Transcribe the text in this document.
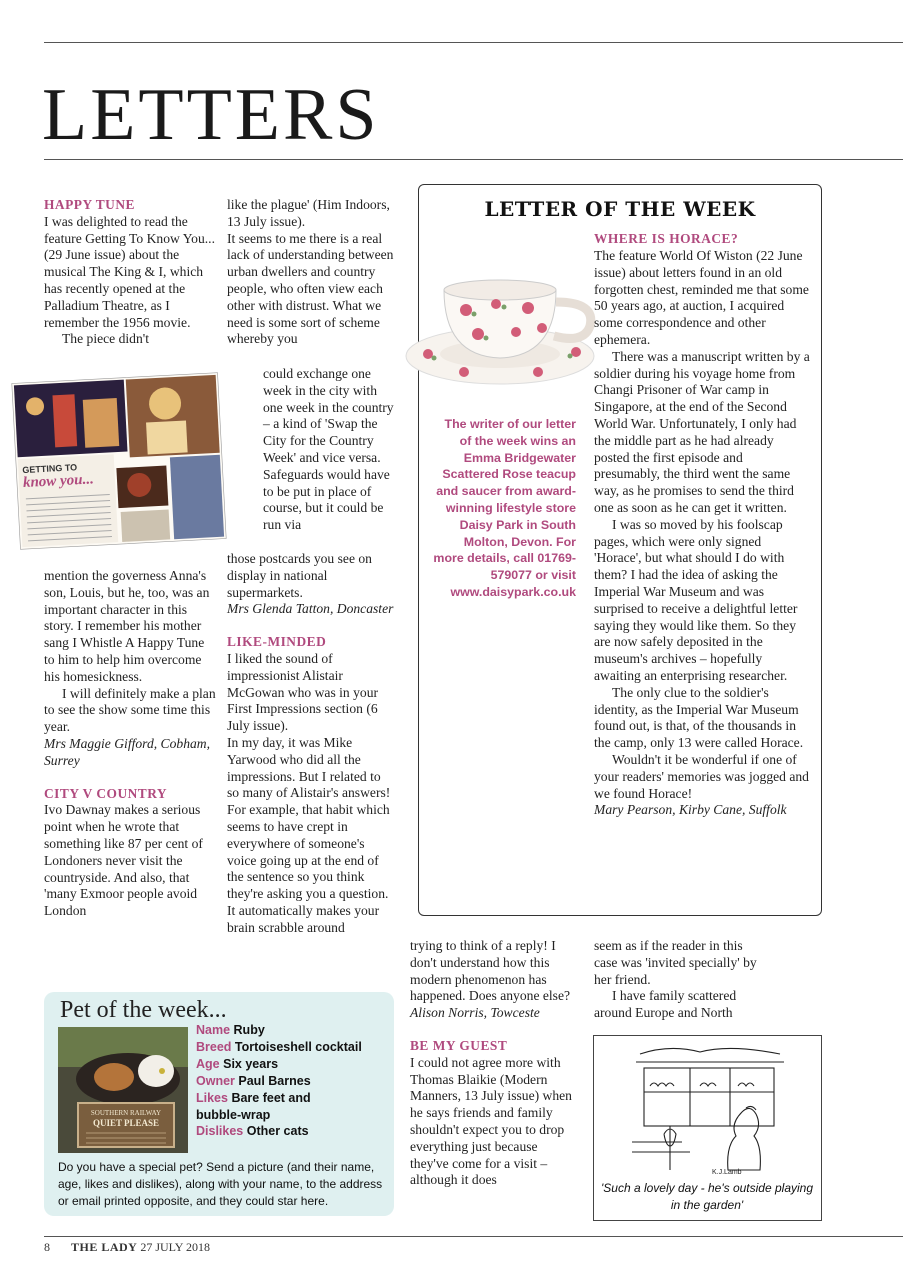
LETTERS

HAPPY TUNE

I was delighted to read the feature Getting To Know You... (29 June issue) about the musical The King & I, which has recently opened at the Palladium Theatre, as I remember the 1956 movie.

The piece didn't

GETTING TO
know you...

mention the governess Anna's son, Louis, but he, too, was an important character in this story. I remember his mother sang I Whistle A Happy Tune to him to help him overcome his homesickness.

I will definitely make a plan to see the show some time this year.

Mrs Maggie Gifford, Cobham, Surrey

CITY V COUNTRY

Ivo Dawnay makes a serious point when he wrote that something like 87 per cent of Londoners never visit the countryside. And also, that 'many Exmoor people avoid London

like the plague' (Him Indoors, 13 July issue).

It seems to me there is a real lack of understanding between urban dwellers and country people, who often view each other with distrust. What we need is some sort of scheme whereby you

could exchange one week in the city with one week in the country – a kind of 'Swap the City for the Country Week' and vice versa. Safeguards would have to be put in place of course, but it could be run via

those postcards you see on display in national supermarkets.

Mrs Glenda Tatton, Doncaster

LIKE-MINDED

I liked the sound of impressionist Alistair McGowan who was in your First Impressions section (6 July issue).

In my day, it was Mike Yarwood who did all the impressions. But I related to so many of Alistair's answers! For example, that habit which seems to have crept in everywhere of someone's voice going up at the end of the sentence so you think they're asking you a question. It automatically makes your brain scrabble around

LETTER OF THE WEEK
The writer of our letter of the week wins an Emma Bridgewater Scattered Rose teacup and saucer from award-winning lifestyle store Daisy Park in South Molton, Devon. For more details, call 01769-579077 or visit www.daisypark.co.uk

WHERE IS HORACE?

The feature World Of Wiston (22 June issue) about letters found in an old forgotten chest, reminded me that some 50 years ago, at auction, I acquired some correspondence and other ephemera.

There was a manuscript written by a soldier during his voyage home from Changi Prisoner of War camp in Singapore, at the end of the Second World War. Unfortunately, I only had the middle part as he had already posted the first episode and presumably, the third went the same way, as he promises to send the third one as soon as he can get it written.

I was so moved by his foolscap pages, which were only signed 'Horace', but what should I do with them? I had the idea of asking the Imperial War Museum and was surprised to receive a delightful letter saying they would like them. So they are now safely deposited in the museum's archives – hopefully awaiting an enterprising researcher.

The only clue to the soldier's identity, as the Imperial War Museum found out, is that, of the thousands in the camp, only 13 were called Horace.

Wouldn't it be wonderful if one of your readers' memories was jogged and we found Horace!

Mary Pearson, Kirby Cane, Suffolk

trying to think of a reply! I don't understand how this modern phenomenon has happened. Does anyone else?

Alison Norris, Towceste

BE MY GUEST

I could not agree more with Thomas Blaikie (Modern Manners, 13 July issue) when he says friends and family shouldn't expect you to drop everything just because they've come for a visit – although it does

seem as if the reader in this case was 'invited specially' by her friend.

I have family scattered around Europe and North

Pet of the week...
SOUTHERN RAILWAY
QUIET PLEASE
Name Ruby
Breed Tortoiseshell cocktail
Age Six years
Owner Paul Barnes
Likes Bare feet and bubble-wrap
Dislikes Other cats
Do you have a special pet? Send a picture (and their name, age, likes and dislikes), along with your name, to the address or email printed opposite, and they could star here.
K.J.Lamb
'Such a lovely day - he's outside playing in the garden'
8 THE LADY 27 JULY 2018
